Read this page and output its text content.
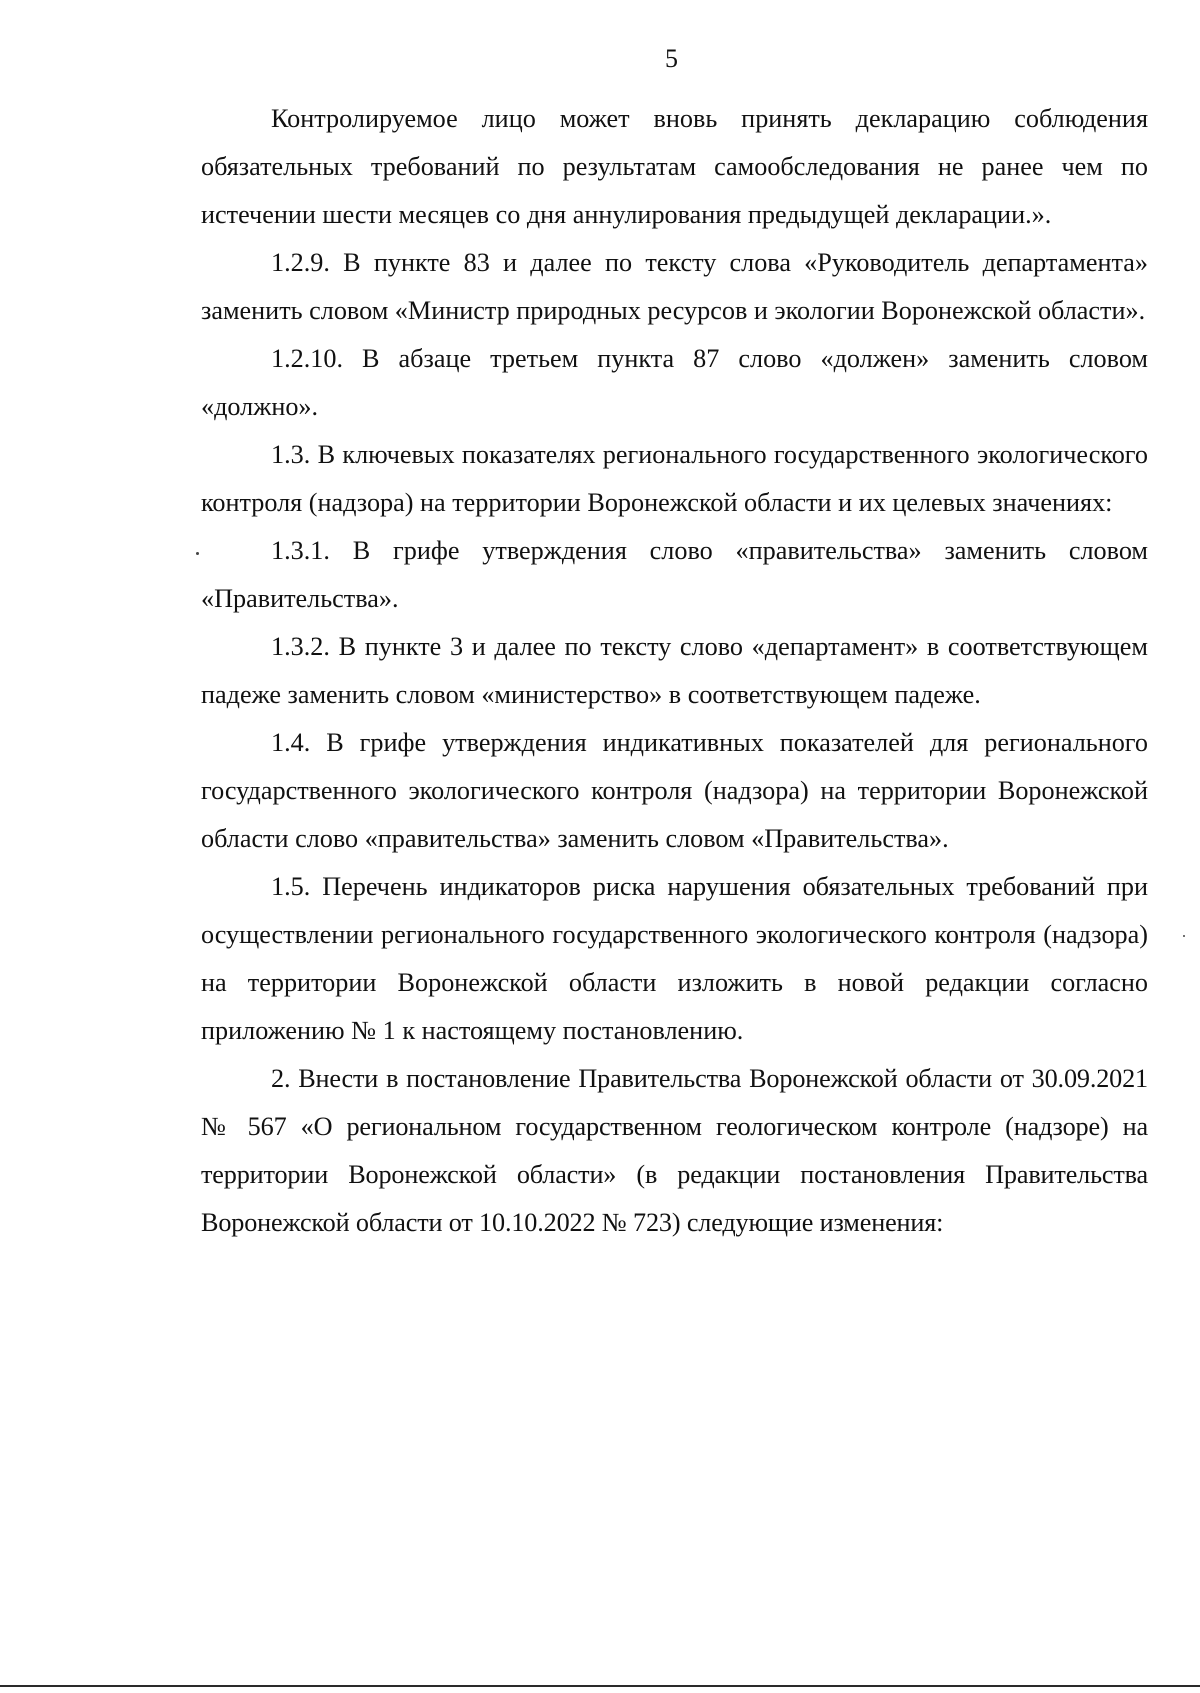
5

Контролируемое лицо может вновь принять декларацию соблюдения обязательных требований по результатам самообследования не ранее чем по истечении шести месяцев со дня аннулирования предыдущей декларации.».

1.2.9. В пункте 83 и далее по тексту слова «Руководитель департамента» заменить словом «Министр природных ресурсов и экологии Воронежской области».

1.2.10. В абзаце третьем пункта 87 слово «должен» заменить словом «должно».

1.3. В ключевых показателях регионального государственного экологического контроля (надзора) на территории Воронежской области и их целевых значениях:

1.3.1. В грифе утверждения слово «правительства» заменить словом «Правительства».

1.3.2. В пункте 3 и далее по тексту слово «департамент» в соответствующем падеже заменить словом «министерство» в соответствующем падеже.

1.4. В грифе утверждения индикативных показателей для регионального государственного экологического контроля (надзора) на территории Воронежской области слово «правительства» заменить словом «Правительства».

1.5. Перечень индикаторов риска нарушения обязательных требований при осуществлении регионального государственного экологического контроля (надзора) на территории Воронежской области изложить в новой редакции согласно приложению № 1 к настоящему постановлению.

2. Внести в постановление Правительства Воронежской области от 30.09.2021 № 567 «О региональном государственном геологическом контроле (надзоре) на территории Воронежской области» (в редакции постановления Правительства Воронежской области от 10.10.2022 № 723) следующие изменения:
